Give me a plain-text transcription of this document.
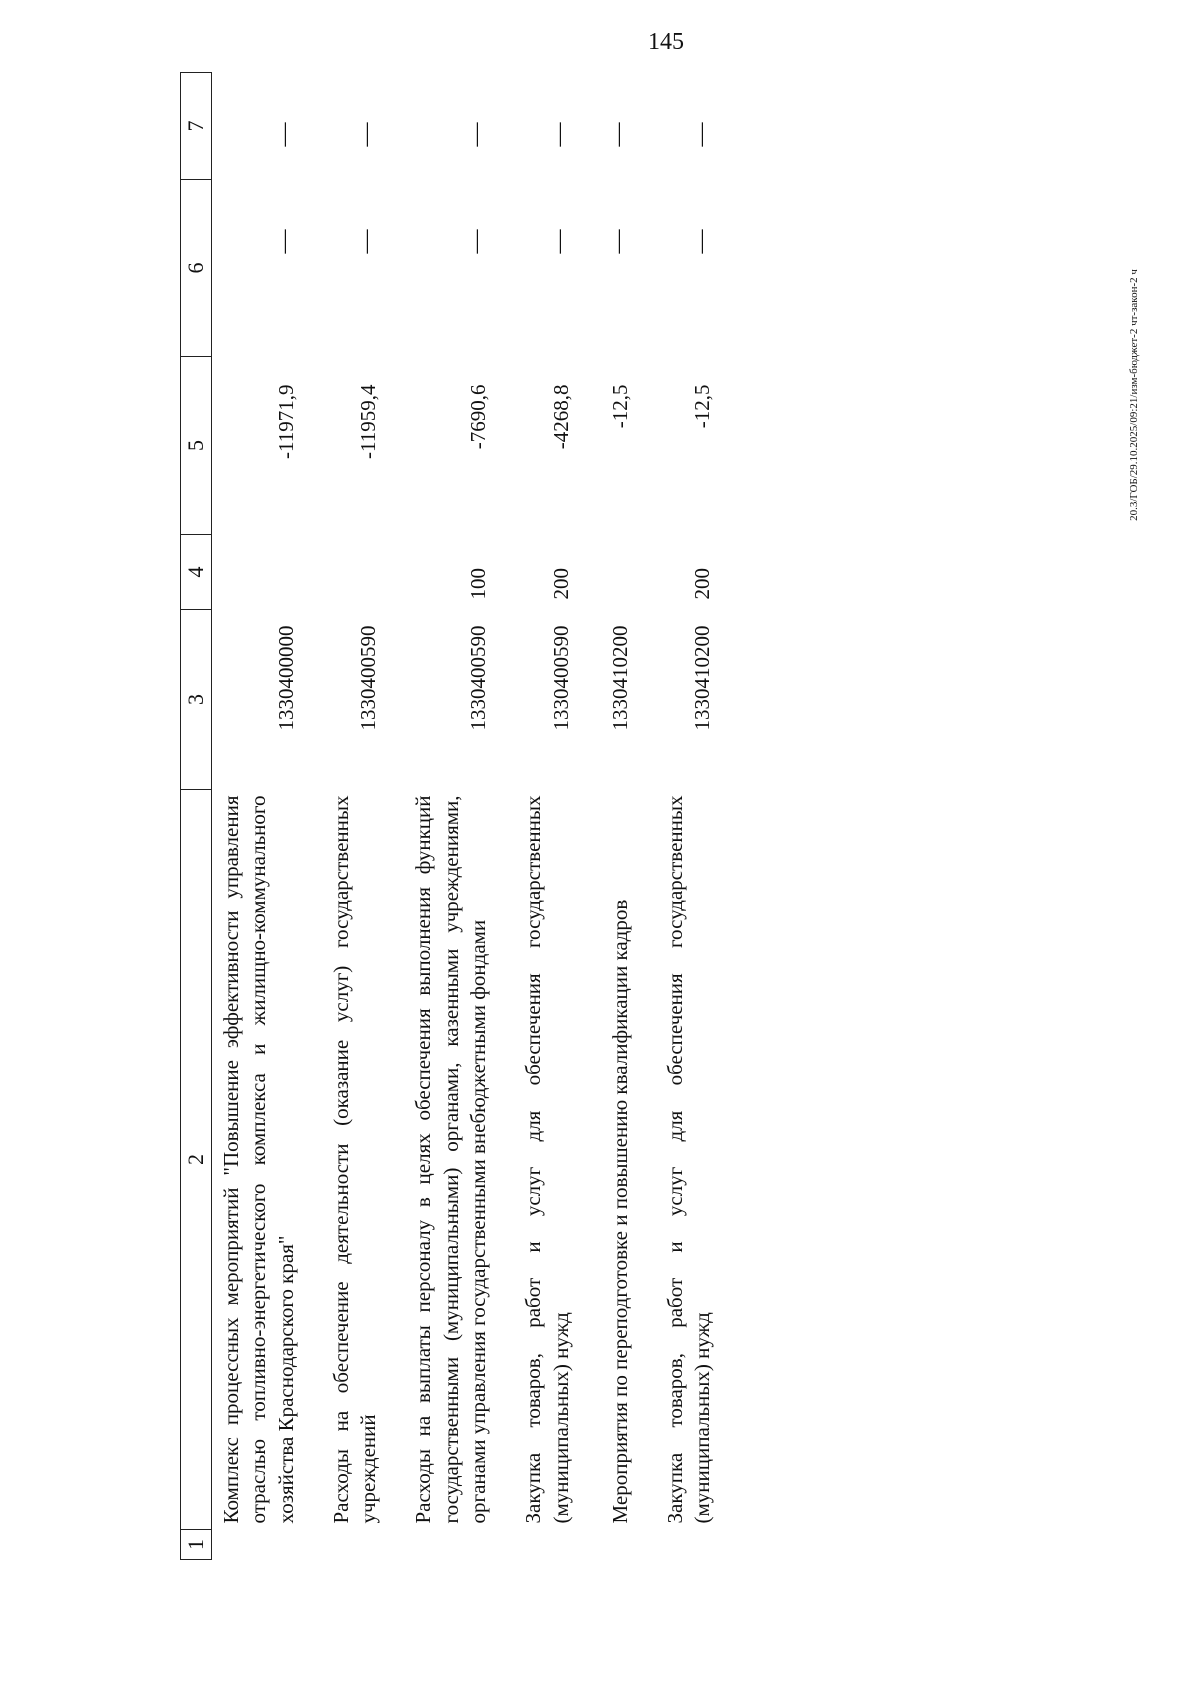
145
20.3/ГОБ/29.10.2025/09:21/изм-бюджет-2 чт-закон-2 ч
1	2	3	4	5	6	7
	Комплекс процессных мероприятий "Повышение эффективности управления отраслью топливно-энергетического комплекса и жилищно-коммунального хозяйства Краснодарского края"	1330400000		-11971,9	—	—
	Расходы на обеспечение деятельности (оказание услуг) государственных учреждений	1330400590		-11959,4	—	—
	Расходы на выплаты персоналу в целях обеспечения выполнения функций государственными (муниципальными) органами, казенными учреждениями, органами управления государственными внебюджетными фондами	1330400590	100	-7690,6	—	—
	Закупка товаров, работ и услуг для обеспечения государственных (муниципальных) нужд	1330400590	200	-4268,8	—	—
	Мероприятия по переподготовке и повышению квалификации кадров	1330410200		-12,5	—	—
	Закупка товаров, работ и услуг для обеспечения государственных (муниципальных) нужд	1330410200	200	-12,5	—	—
